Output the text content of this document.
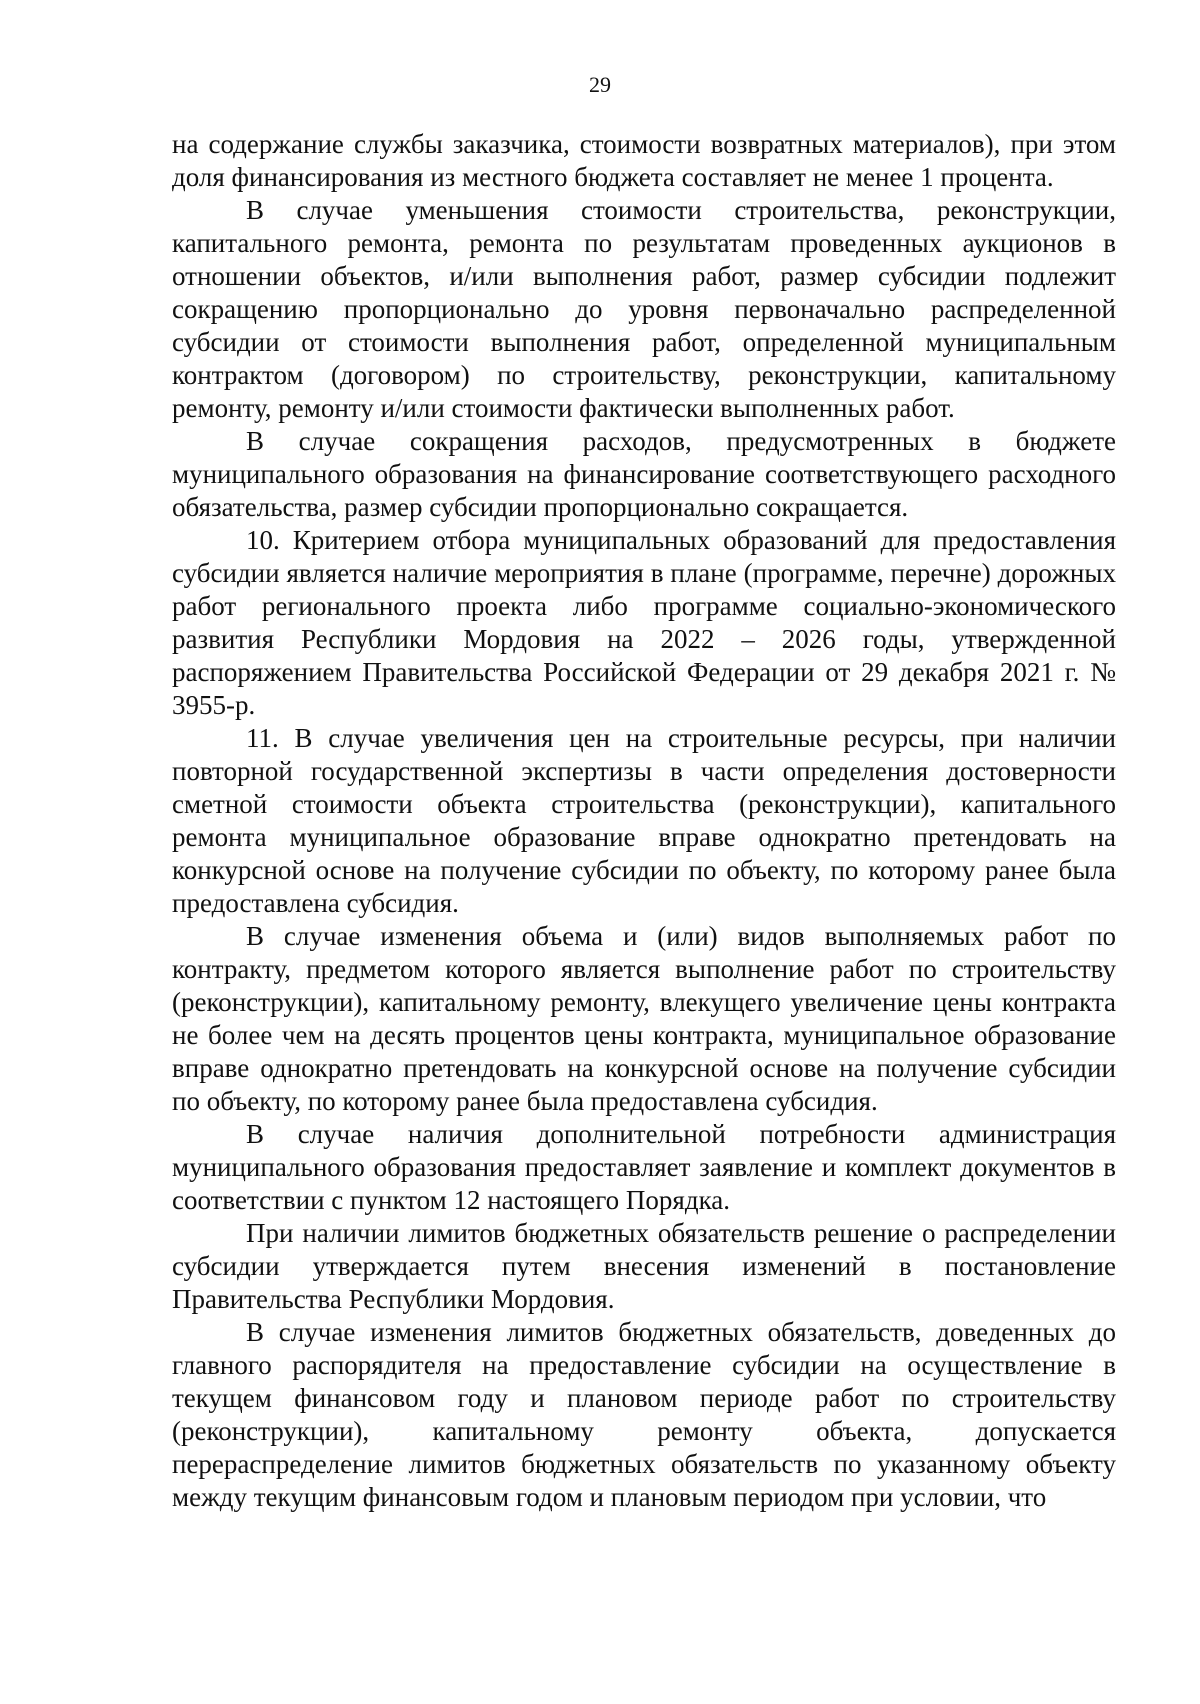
29

на содержание службы заказчика, стоимости возвратных материалов), при этом доля финансирования из местного бюджета составляет не менее 1 процента.

В случае уменьшения стоимости строительства, реконструкции, капитального ремонта, ремонта по результатам проведенных аукционов в отношении объектов, и/или выполнения работ, размер субсидии подлежит сокращению пропорционально до уровня первоначально распределенной субсидии от стоимости выполнения работ, определенной муниципальным контрактом (договором) по строительству, реконструкции, капитальному ремонту, ремонту и/или стоимости фактически выполненных работ.

В случае сокращения расходов, предусмотренных в бюджете муниципального образования на финансирование соответствующего расходного обязательства, размер субсидии пропорционально сокращается.

10. Критерием отбора муниципальных образований для предоставления субсидии является наличие мероприятия в плане (программе, перечне) дорожных работ регионального проекта либо программе социально-экономического развития Республики Мордовия на 2022 – 2026 годы, утвержденной распоряжением Правительства Российской Федерации от 29 декабря 2021 г. № 3955-р.

11. В случае увеличения цен на строительные ресурсы, при наличии повторной государственной экспертизы в части определения достоверности сметной стоимости объекта строительства (реконструкции), капитального ремонта муниципальное образование вправе однократно претендовать на конкурсной основе на получение субсидии по объекту, по которому ранее была предоставлена субсидия.

В случае изменения объема и (или) видов выполняемых работ по контракту, предметом которого является выполнение работ по строительству (реконструкции), капитальному ремонту, влекущего увеличение цены контракта не более чем на десять процентов цены контракта, муниципальное образование вправе однократно претендовать на конкурсной основе на получение субсидии по объекту, по которому ранее была предоставлена субсидия.

В случае наличия дополнительной потребности администрация муниципального образования предоставляет заявление и комплект документов в соответствии с пунктом 12 настоящего Порядка.

При наличии лимитов бюджетных обязательств решение о распределении субсидии утверждается путем внесения изменений в постановление Правительства Республики Мордовия.

В случае изменения лимитов бюджетных обязательств, доведенных до главного распорядителя на предоставление субсидии на осуществление в текущем финансовом году и плановом периоде работ по строительству (реконструкции), капитальному ремонту объекта, допускается перераспределение лимитов бюджетных обязательств по указанному объекту между текущим финансовым годом и плановым периодом при условии, что
